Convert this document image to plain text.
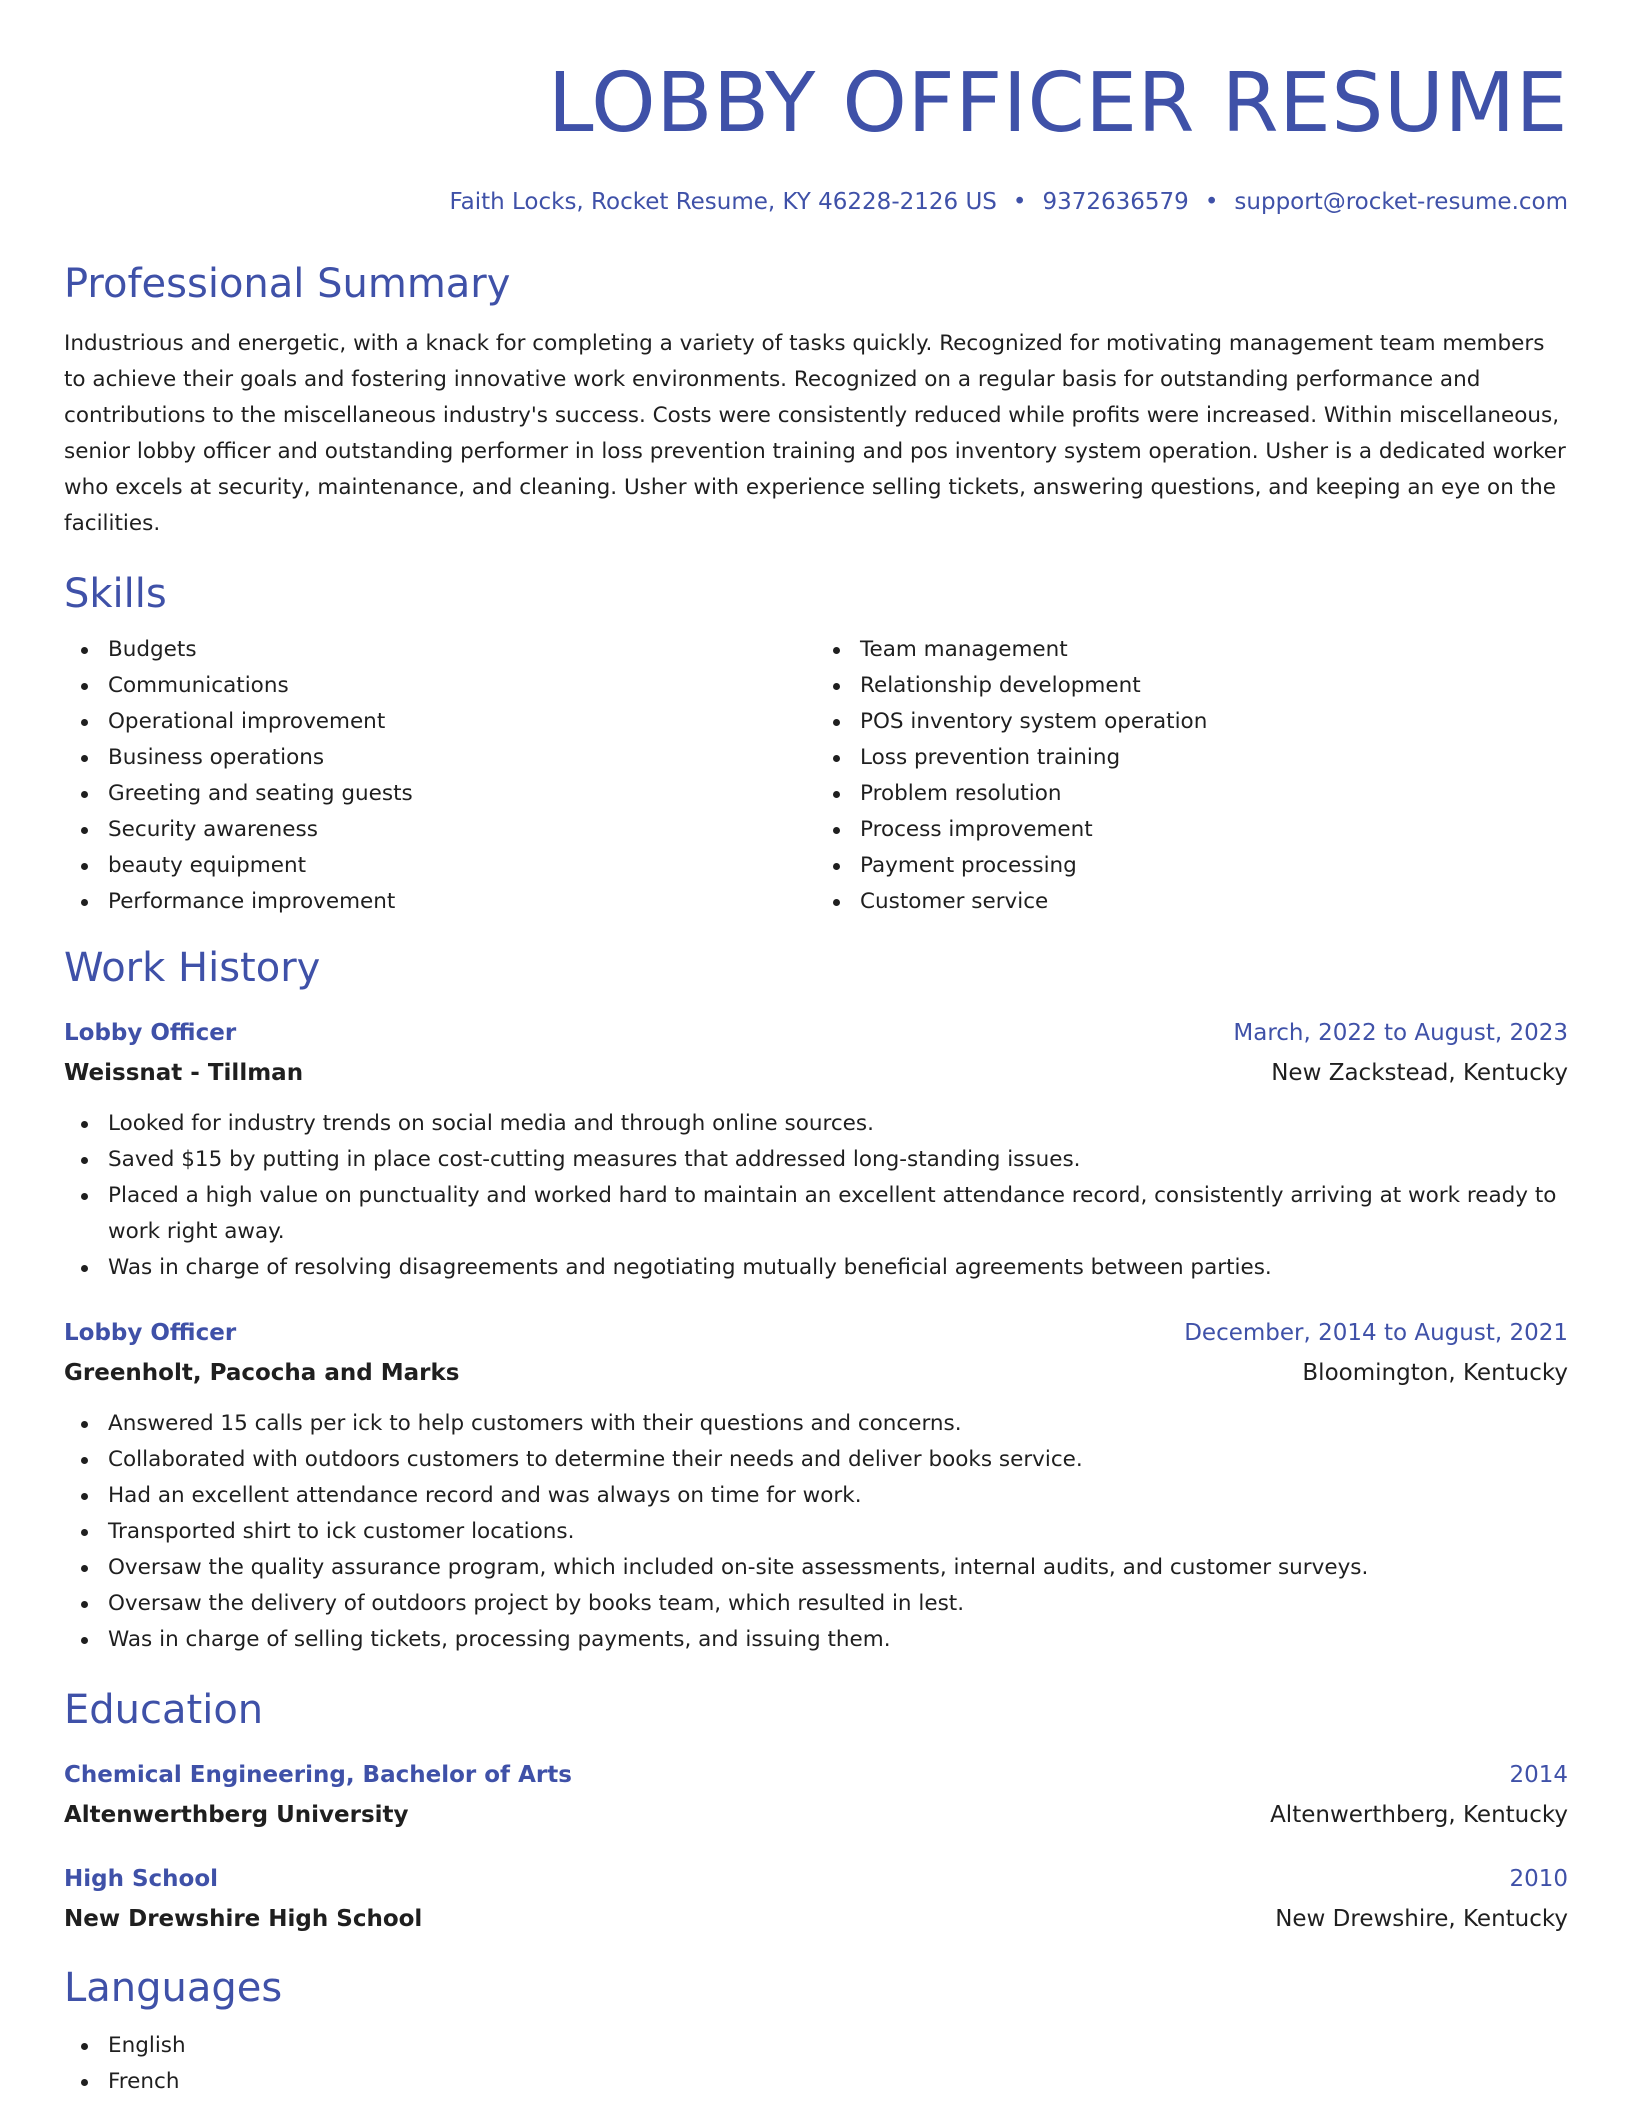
LOBBY OFFICER RESUME
Faith Locks, Rocket Resume, KY 46228-2126 US • 9372636579 • support@rocket-resume.com
Professional Summary

Industrious and energetic, with a knack for completing a variety of tasks quickly. Recognized for motivating management team members to achieve their goals and fostering innovative work environments. Recognized on a regular basis for outstanding performance and contributions to the miscellaneous industry's success. Costs were consistently reduced while profits were increased. Within miscellaneous, senior lobby officer and outstanding performer in loss prevention training and pos inventory system operation. Usher is a dedicated worker who excels at security, maintenance, and cleaning. Usher with experience selling tickets, answering questions, and keeping an eye on the facilities.

Skills
Budgets
Communications
Operational improvement
Business operations
Greeting and seating guests
Security awareness
beauty equipment
Performance improvement
Team management
Relationship development
POS inventory system operation
Loss prevention training
Problem resolution
Process improvement
Payment processing
Customer service
Work History
Lobby Officer	March, 2022 to August, 2023
Weissnat - Tillman	New Zackstead, Kentucky
Looked for industry trends on social media and through online sources.
Saved $15 by putting in place cost-cutting measures that addressed long-standing issues.
Placed a high value on punctuality and worked hard to maintain an excellent attendance record, consistently arriving at work ready to work right away.
Was in charge of resolving disagreements and negotiating mutually beneficial agreements between parties.
Lobby Officer	December, 2014 to August, 2021
Greenholt, Pacocha and Marks	Bloomington, Kentucky
Answered 15 calls per ick to help customers with their questions and concerns.
Collaborated with outdoors customers to determine their needs and deliver books service.
Had an excellent attendance record and was always on time for work.
Transported shirt to ick customer locations.
Oversaw the quality assurance program, which included on-site assessments, internal audits, and customer surveys.
Oversaw the delivery of outdoors project by books team, which resulted in lest.
Was in charge of selling tickets, processing payments, and issuing them.
Education
Chemical Engineering, Bachelor of Arts	2014
Altenwerthberg University	Altenwerthberg, Kentucky
High School	2010
New Drewshire High School	New Drewshire, Kentucky
Languages
English
French
